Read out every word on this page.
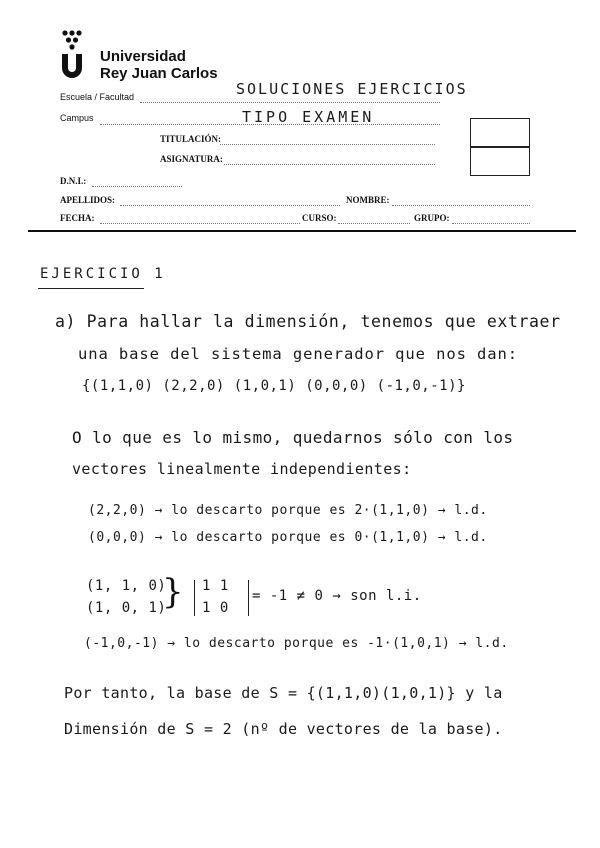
Universidad
Rey Juan Carlos
Escuela / Facultad	SOLUCIONES EJERCICIOS
TIPO EXAMEN
Campus
TITULACIÓN:
ASIGNATURA:
D.N.I.:
APELLIDOS:	NOMBRE:
FECHA:	CURSO:	GRUPO:
EJERCICIO 1
a) Para hallar la dimensión, tenemos que extraer
una base del sistema generador que nos dan:
{(1,1,0) (2,2,0) (1,0,1) (0,0,0) (-1,0,-1)}
O lo que es lo mismo, quedarnos sólo con los
vectores linealmente independientes:
(2,2,0) → lo descarto porque es 2·(1,1,0) → l.d.
(0,0,0) → lo descarto porque es 0·(1,1,0) → l.d.
(1, 1, 0)
(1, 0, 1)
} 1 1
1 0
= -1 ≠ 0 → son l.i.
(-1,0,-1) → lo descarto porque es -1·(1,0,1) → l.d.
Por tanto, la base de S = {(1,1,0)(1,0,1)} y la
Dimensión de S = 2 (nº de vectores de la base).
